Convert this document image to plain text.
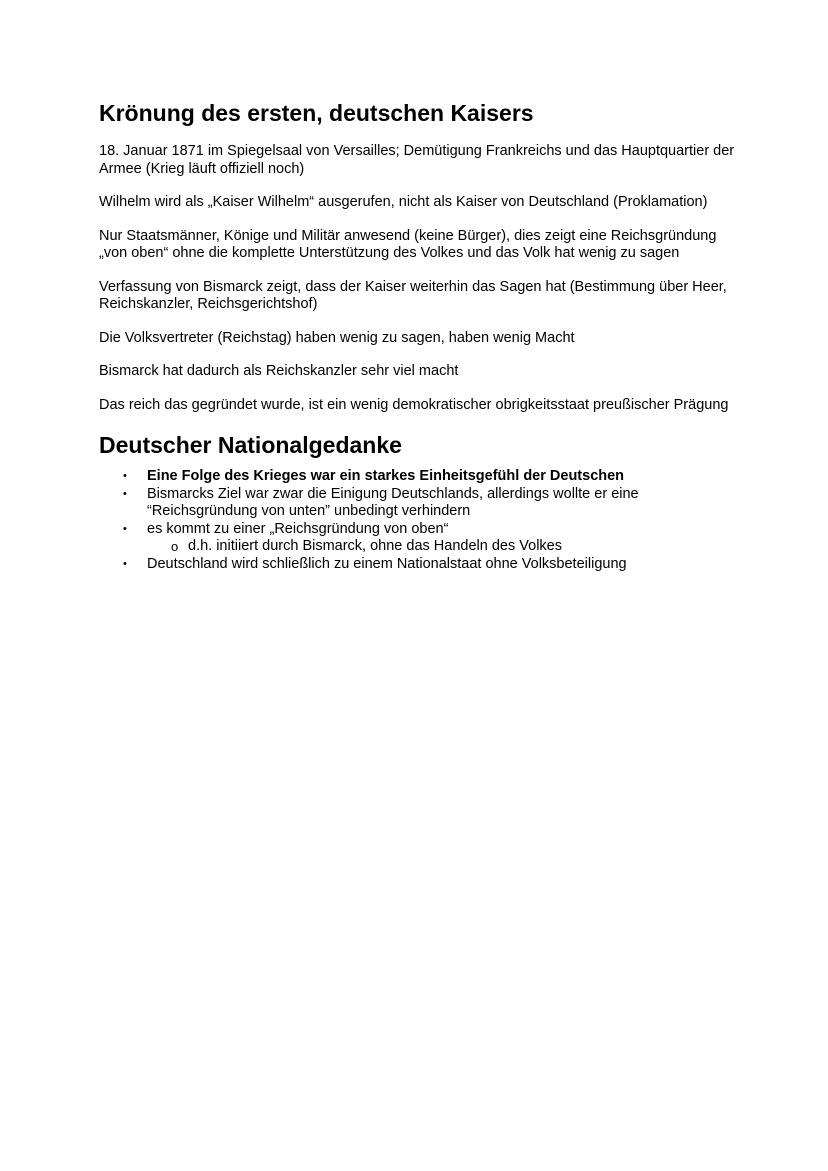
Krönung des ersten, deutschen Kaisers

18. Januar 1871 im Spiegelsaal von Versailles; Demütigung Frankreichs und das Hauptquartier der Armee (Krieg läuft offiziell noch)

Wilhelm wird als „Kaiser Wilhelm“ ausgerufen, nicht als Kaiser von Deutschland (Proklamation)

Nur Staatsmänner, Könige und Militär anwesend (keine Bürger), dies zeigt eine Reichsgründung „von oben“ ohne die komplette Unterstützung des Volkes und das Volk hat wenig zu sagen

Verfassung von Bismarck zeigt, dass der Kaiser weiterhin das Sagen hat (Bestimmung über Heer, Reichskanzler, Reichsgerichtshof)

Die Volksvertreter (Reichstag) haben wenig zu sagen, haben wenig Macht

Bismarck hat dadurch als Reichskanzler sehr viel macht

Das reich das gegründet wurde, ist ein wenig demokratischer obrigkeitsstaat preußischer Prägung

Deutscher Nationalgedanke
• Eine Folge des Krieges war ein starkes Einheitsgefühl der Deutschen
• Bismarcks Ziel war zwar die Einigung Deutschlands, allerdings wollte er eine “Reichsgründung von unten” unbedingt verhindern
• es kommt zu einer „Reichsgründung von oben“
o d.h. initiiert durch Bismarck, ohne das Handeln des Volkes
• Deutschland wird schließlich zu einem Nationalstaat ohne Volksbeteiligung
